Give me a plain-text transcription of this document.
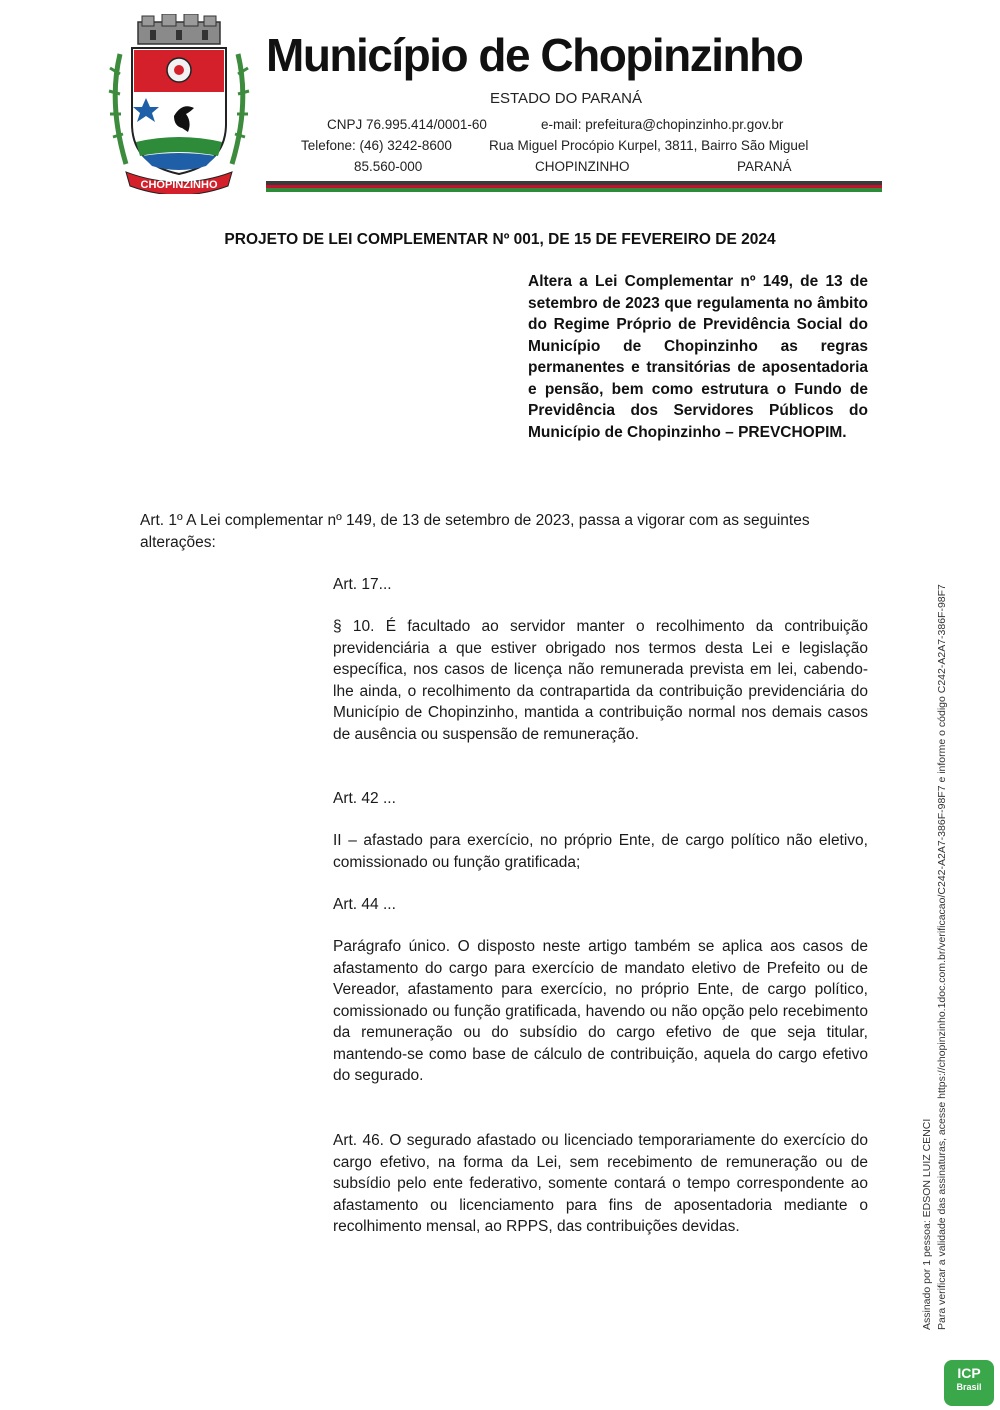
CHOPINZINHO
Município de Chopinzinho
ESTADO DO PARANÁ
CNPJ 76.995.414/0001-60	e-mail: prefeitura@chopinzinho.pr.gov.br
Telefone: (46) 3242-8600	Rua Miguel Procópio Kurpel, 3811, Bairro São Miguel
85.560-000	CHOPINZINHO	PARANÁ
PROJETO DE LEI COMPLEMENTAR Nº 001, DE 15 DE FEVEREIRO DE 2024
Altera a Lei Complementar nº 149, de 13 de setembro de 2023 que regulamenta no âmbito do Regime Próprio de Previdência Social do Município de Chopinzinho as regras permanentes e transitórias de aposentadoria e pensão, bem como estrutura o Fundo de Previdência dos Servidores Públicos do Município de Chopinzinho – PREVCHOPIM.
Art. 1º A Lei complementar nº 149, de 13 de setembro de 2023, passa a vigorar com as seguintes alterações:
Art. 17...
§ 10. É facultado ao servidor manter o recolhimento da contribuição previdenciária a que estiver obrigado nos termos desta Lei e legislação específica, nos casos de licença não remunerada prevista em lei, cabendo-lhe ainda, o recolhimento da contrapartida da contribuição previdenciária do Município de Chopinzinho, mantida a contribuição normal nos demais casos de ausência ou suspensão de remuneração.
Art. 42 ...
II – afastado para exercício, no próprio Ente, de cargo político não eletivo, comissionado ou função gratificada;
Art. 44 ...
Parágrafo único. O disposto neste artigo também se aplica aos casos de afastamento do cargo para exercício de mandato eletivo de Prefeito ou de Vereador, afastamento para exercício, no próprio Ente, de cargo político, comissionado ou função gratificada, havendo ou não opção pelo recebimento da remuneração ou do subsídio do cargo efetivo de que seja titular, mantendo-se como base de cálculo de contribuição, aquela do cargo efetivo do segurado.
Art. 46. O segurado afastado ou licenciado temporariamente do exercício do cargo efetivo, na forma da Lei, sem recebimento de remuneração ou de subsídio pelo ente federativo, somente contará o tempo correspondente ao afastamento ou licenciamento para fins de aposentadoria mediante o recolhimento mensal, ao RPPS, das contribuições devidas.	Assinado por 1 pessoa: EDSON LUIZ CENCI Para verificar a validade das assinaturas, acesse https://chopinzinho.1doc.com.br/verificacao/C242-A2A7-386F-98F7 e informe o código C242-A2A7-386F-98F7
ICP
Brasil
